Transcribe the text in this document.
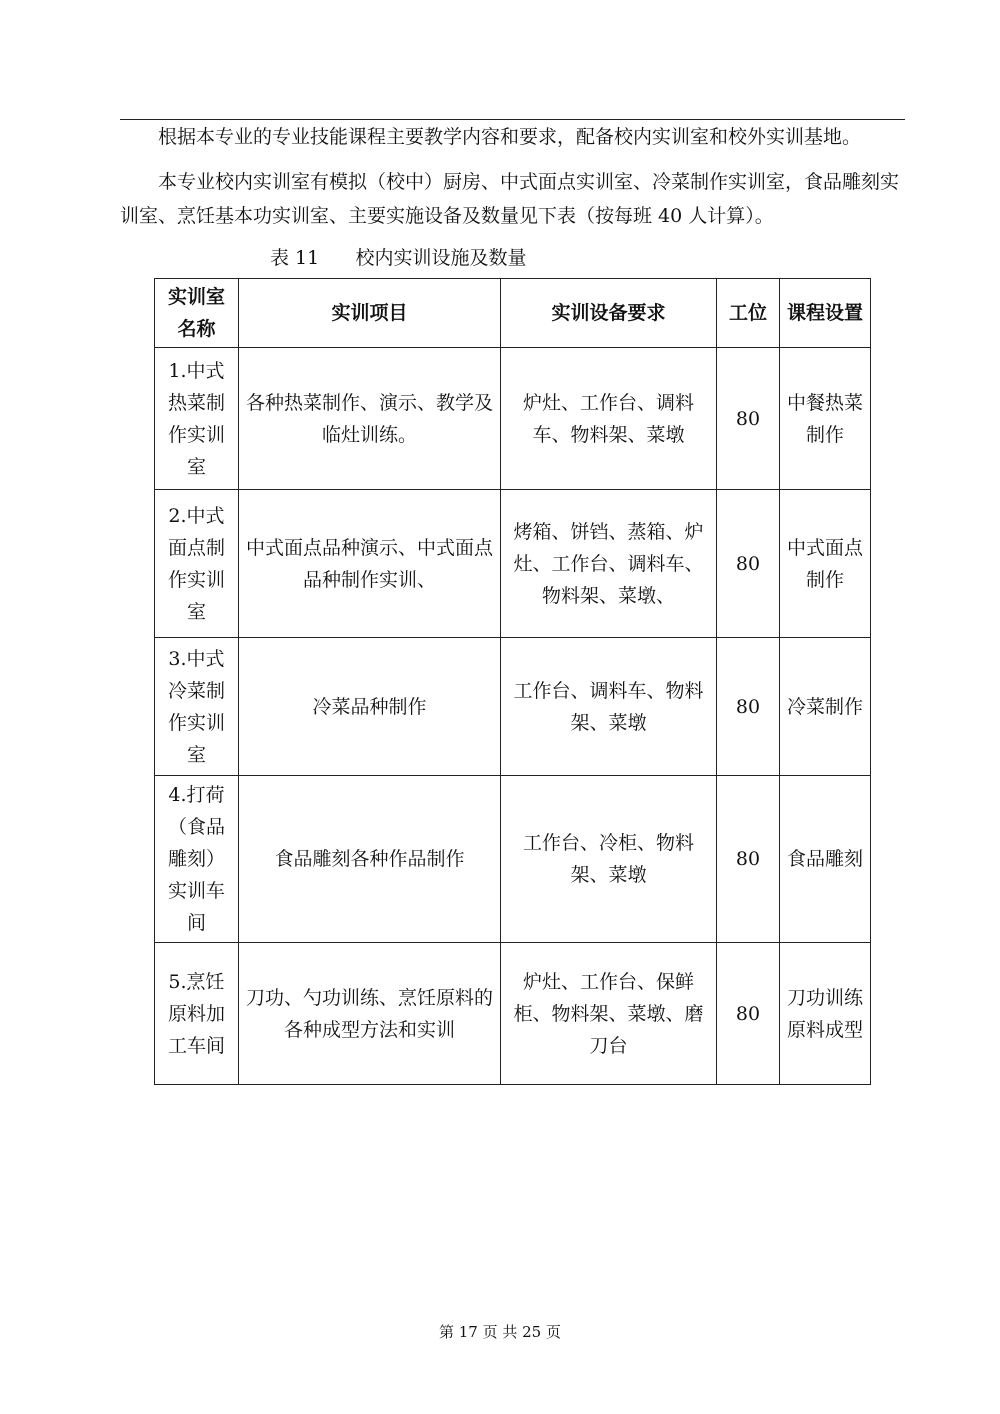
根据本专业的专业技能课程主要教学内容和要求，配备校内实训室和校外实训基地。

本专业校内实训室有模拟（校中）厨房、中式面点实训室、冷菜制作实训室，食品雕刻实训室、烹饪基本功实训室、主要实施设备及数量见下表（按每班 40 人计算）。

表 11 校内实训设施及数量
实训室名称	实训项目	实训设备要求	工位	课程设置
1.中式热菜制作实训室	各种热菜制作、演示、教学及临灶训练。	炉灶、工作台、调料车、物料架、菜墩	80	中餐热菜制作
2.中式面点制作实训室	中式面点品种演示、中式面点品种制作实训、	烤箱、饼铛、蒸箱、炉灶、工作台、调料车、物料架、菜墩、	80	中式面点制作
3.中式冷菜制作实训室	冷菜品种制作	工作台、调料车、物料架、菜墩	80	冷菜制作
4.打荷（食品雕刻）实训车间	食品雕刻各种作品制作	工作台、冷柜、物料架、菜墩	80	食品雕刻
5.烹饪原料加工车间	刀功、勺功训练、烹饪原料的各种成型方法和实训	炉灶、工作台、保鲜柜、物料架、菜墩、磨刀台	80	刀功训练原料成型
第 17 页 共 25 页
